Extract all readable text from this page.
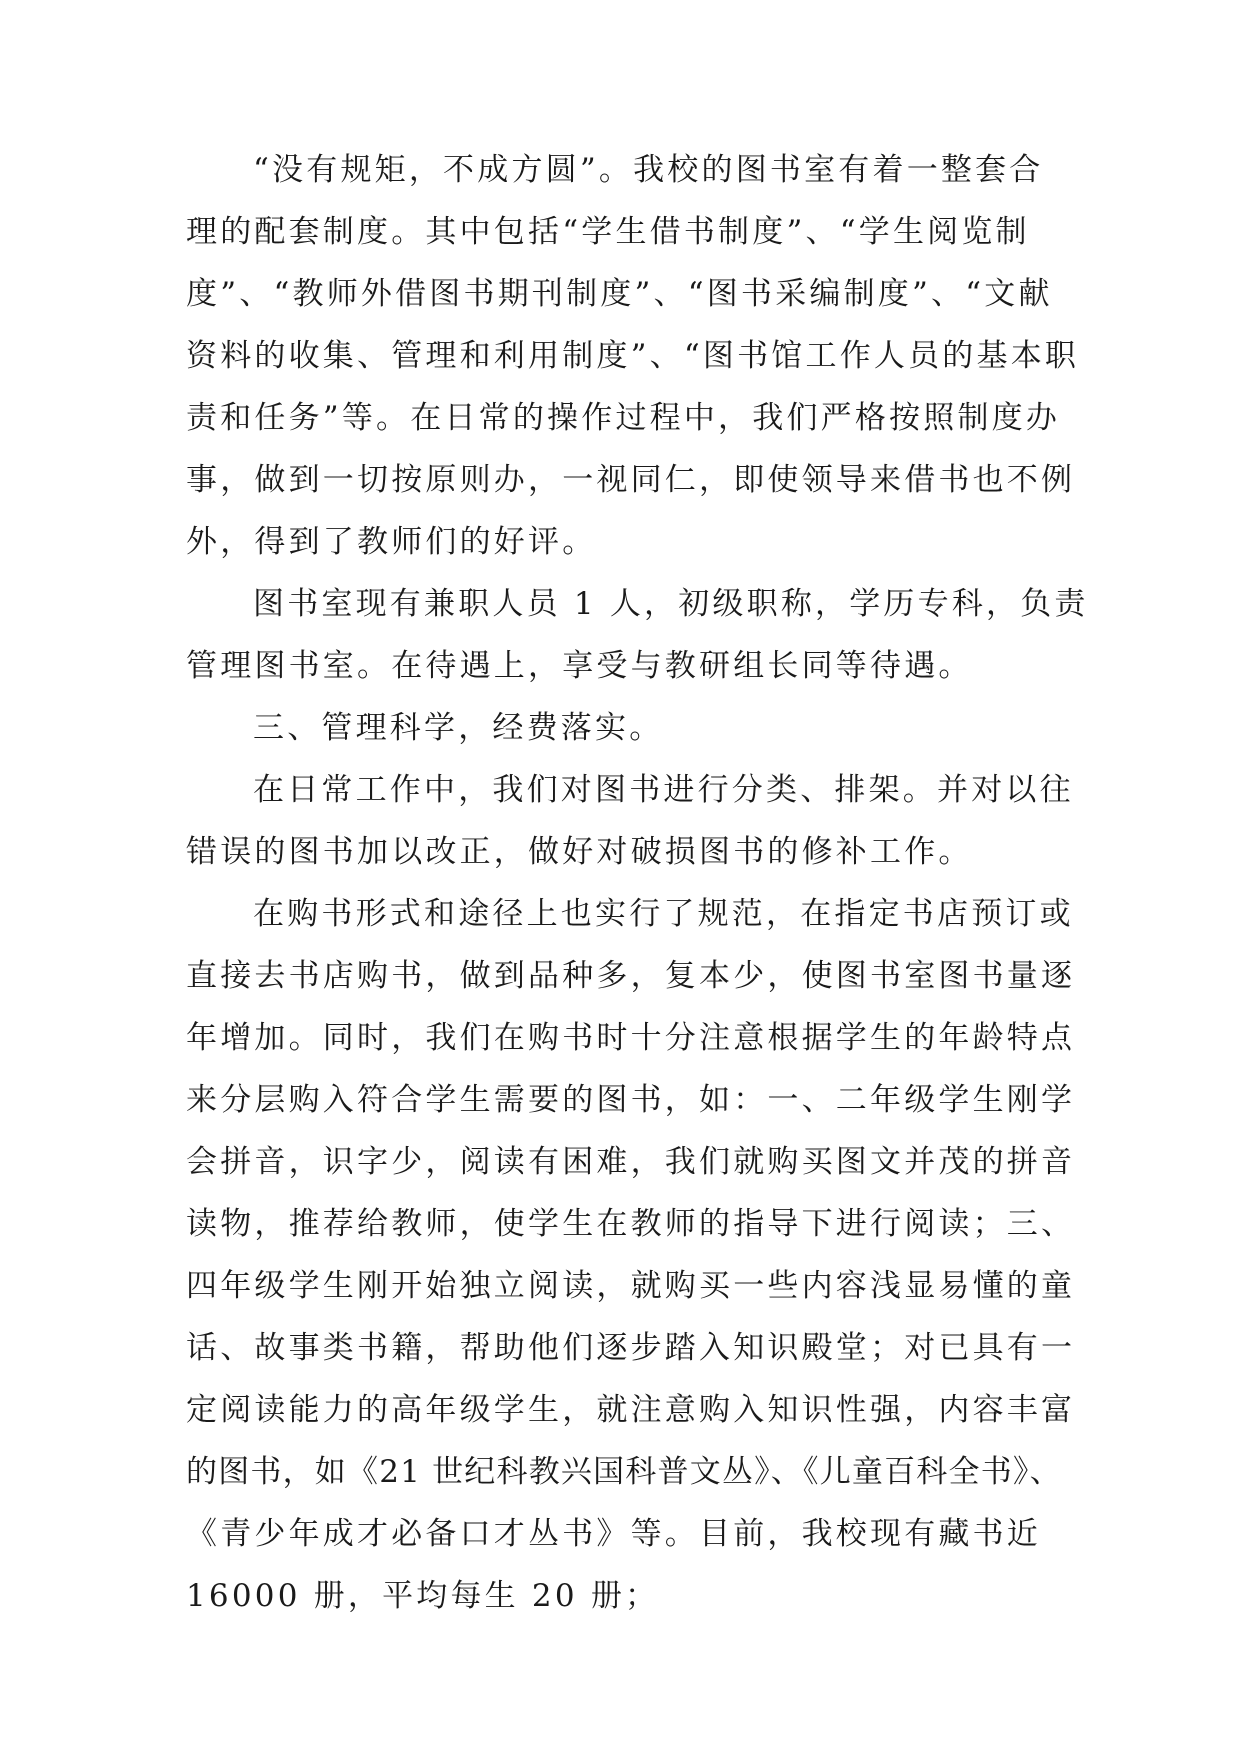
“没有规矩，不成方圆”。我校的图书室有着一整套合
理的配套制度。其中包括“学生借书制度”、“学生阅览制
度”、“教师外借图书期刊制度”、“图书采编制度”、“文献
资料的收集、管理和利用制度”、“图书馆工作人员的基本职
责和任务”等。在日常的操作过程中，我们严格按照制度办
事，做到一切按原则办，一视同仁，即使领导来借书也不例
外，得到了教师们的好评。
图书室现有兼职人员 1 人，初级职称，学历专科，负责
管理图书室。在待遇上，享受与教研组长同等待遇。
三、管理科学，经费落实。
在日常工作中，我们对图书进行分类、排架。并对以往
错误的图书加以改正，做好对破损图书的修补工作。
在购书形式和途径上也实行了规范，在指定书店预订或
直接去书店购书，做到品种多，复本少，使图书室图书量逐
年增加。同时，我们在购书时十分注意根据学生的年龄特点
来分层购入符合学生需要的图书，如：一、二年级学生刚学
会拼音，识字少，阅读有困难，我们就购买图文并茂的拼音
读物，推荐给教师，使学生在教师的指导下进行阅读；三、
四年级学生刚开始独立阅读，就购买一些内容浅显易懂的童
话、故事类书籍，帮助他们逐步踏入知识殿堂；对已具有一
定阅读能力的高年级学生，就注意购入知识性强，内容丰富
的图书，如《21 世纪科教兴国科普文丛》、《儿童百科全书》、
《青少年成才必备口才丛书》等。目前，我校现有藏书近
16000 册，平均每生 20 册；
